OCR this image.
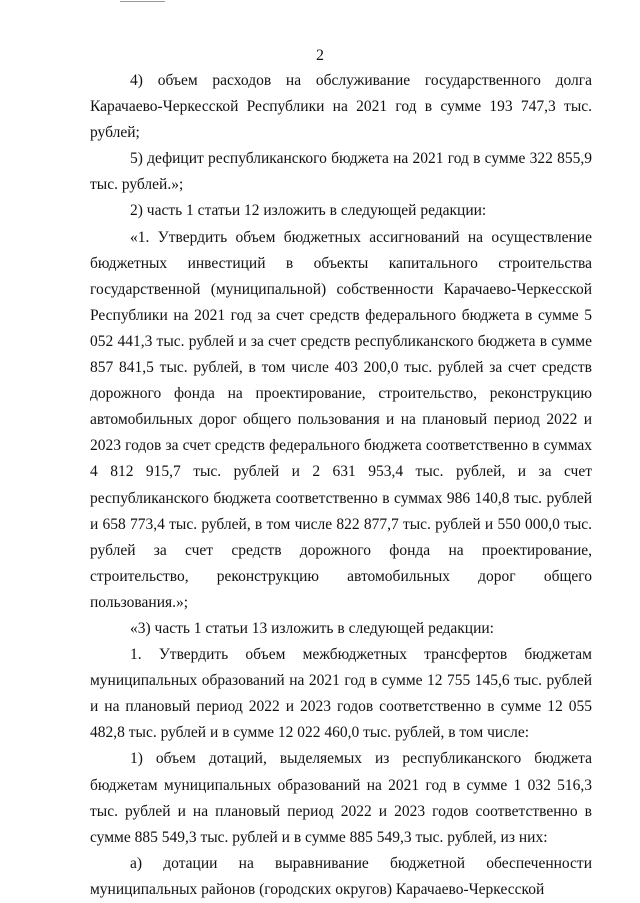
2

4) объем расходов на обслуживание государственного долга Карачаево-Черкесской Республики на 2021 год в сумме 193 747,3 тыс. рублей;

5) дефицит республиканского бюджета на 2021 год в сумме 322 855,9 тыс. рублей.»;

2) часть 1 статьи 12 изложить в следующей редакции:

«1. Утвердить объем бюджетных ассигнований на осуществление бюджетных инвестиций в объекты капитального строительства государственной (муниципальной) собственности Карачаево-Черкесской Республики на 2021 год за счет средств федерального бюджета в сумме 5 052 441,3 тыс. рублей и за счет средств республиканского бюджета в сумме 857 841,5 тыс. рублей, в том числе 403 200,0 тыс. рублей за счет средств дорожного фонда на проектирование, строительство, реконструкцию автомобильных дорог общего пользования и на плановый период 2022 и 2023 годов за счет средств федерального бюджета соответственно в суммах 4 812 915,7 тыс. рублей и 2 631 953,4 тыс. рублей, и за счет республиканского бюджета соответственно в суммах 986 140,8 тыс. рублей и 658 773,4 тыс. рублей, в том числе 822 877,7 тыс. рублей и 550 000,0 тыс. рублей за счет средств дорожного фонда на проектирование, строительство, реконструкцию автомобильных дорог общего пользования.»;

«3) часть 1 статьи 13 изложить в следующей редакции:

1. Утвердить объем межбюджетных трансфертов бюджетам муниципальных образований на 2021 год в сумме 12 755 145,6 тыс. рублей и на плановый период 2022 и 2023 годов соответственно в сумме 12 055 482,8 тыс. рублей и в сумме 12 022 460,0 тыс. рублей, в том числе:

1) объем дотаций, выделяемых из республиканского бюджета бюджетам муниципальных образований на 2021 год в сумме 1 032 516,3 тыс. рублей и на плановый период 2022 и 2023 годов соответственно в сумме 885 549,3 тыс. рублей и в сумме 885 549,3 тыс. рублей, из них:

а) дотации на выравнивание бюджетной обеспеченности муниципальных районов (городских округов) Карачаево-Черкесской
